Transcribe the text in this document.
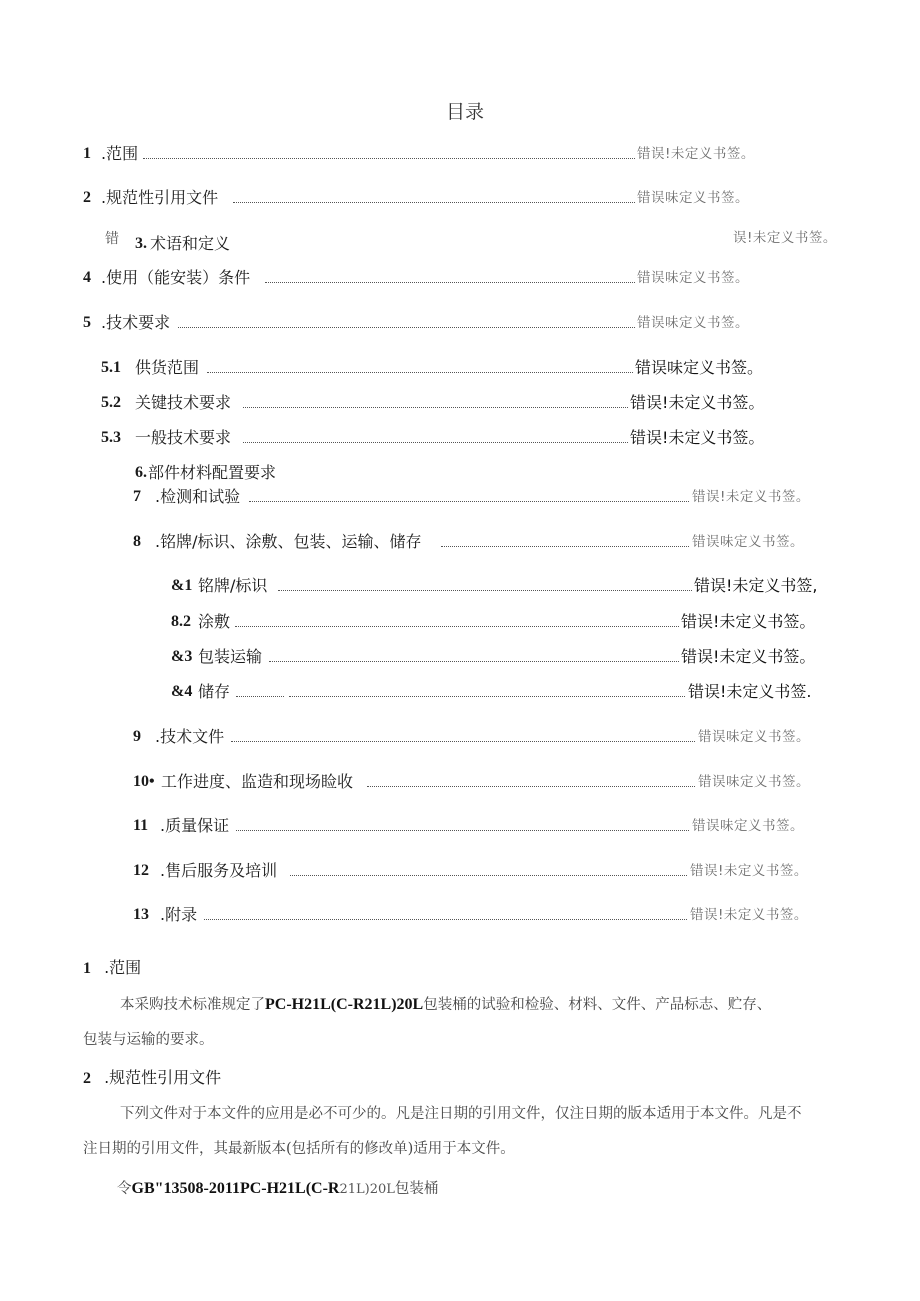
目录
1 .范围	错误!未定义书签。
2 .规范性引用文件	错误味定义书签。
错 3. 术语和定义	误!未定义书签。
4 .使用（能安装）条件	错误味定义书签。
5 .技术要求	错误味定义书签。
5.1 供货范围	错误味定义书签。
5.2 关键技术要求	错误!未定义书签。
5.3 一般技术要求	错误!未定义书签。
6. 部件材料配置要求
7 .检测和试验	错误!未定义书签。
8 .铭牌/标识、涂敷、包装、运输、储存	错误味定义书签。
&1 铭牌/标识	错误!未定义书签,
8.2 涂敷	错误!未定义书签。
&3 包装运输	错误!未定义书签。
&4 储存	错误!未定义书签.
9 .技术文件	错误味定义书签。
10• 工作进度、监造和现场睑收	错误味定义书签。
11 .质量保证	错误味定义书签。
12 .售后服务及培训	错误!未定义书签。
13 .附录	错误!未定义书签。
1 .范围
本采购技术标准规定了PC-H21L(C-R21L)20L包装桶的试验和检验、材料、文件、产品标志、贮存、
包装与运输的要求。
2 .规范性引用文件
下列文件对于本文件的应用是必不可少的。凡是注日期的引用文件，仅注日期的版本适用于本文件。凡是不
注日期的引用文件，其最新版本(包括所有的修改单)适用于本文件。
令GB"13508-2011PC-H21L(C-R21L)20L包装桶
